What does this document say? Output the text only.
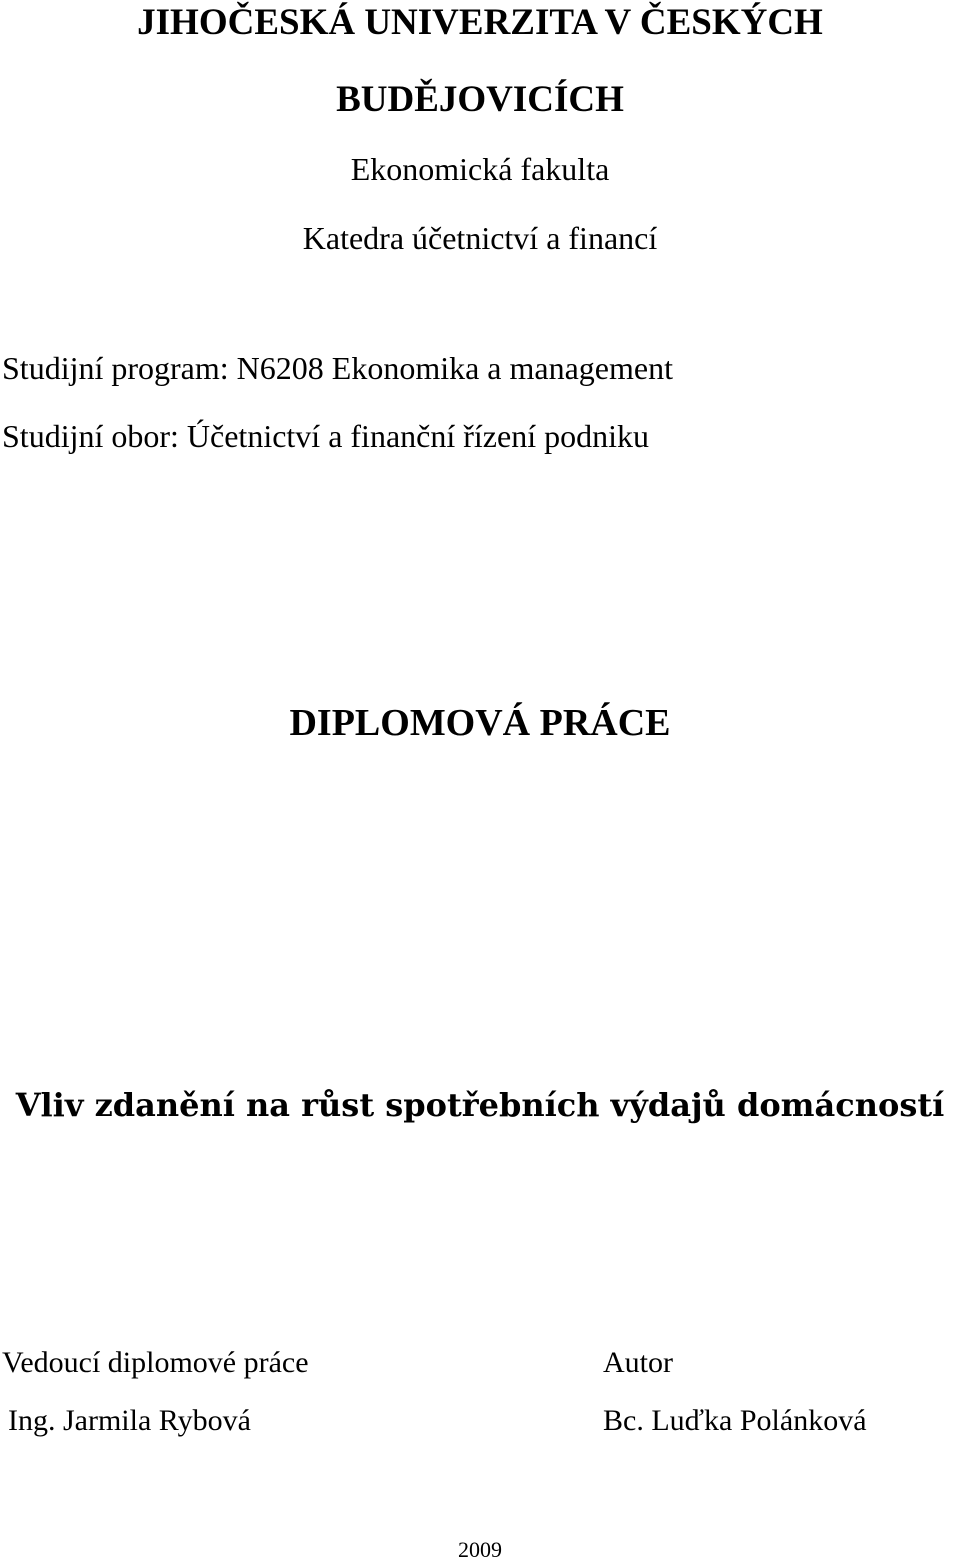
JIHOČESKÁ UNIVERZITA V ČESKÝCH
BUDĚJOVICÍCH
Ekonomická fakulta
Katedra účetnictví a financí
Studijní program: N6208 Ekonomika a management
Studijní obor: Účetnictví a finanční řízení podniku
DIPLOMOVÁ PRÁCE
Vliv zdanění na růst spotřebních výdajů domácností
Vedoucí diplomové práce
Ing. Jarmila Rybová
Autor
Bc. Luďka Polánková
2009
